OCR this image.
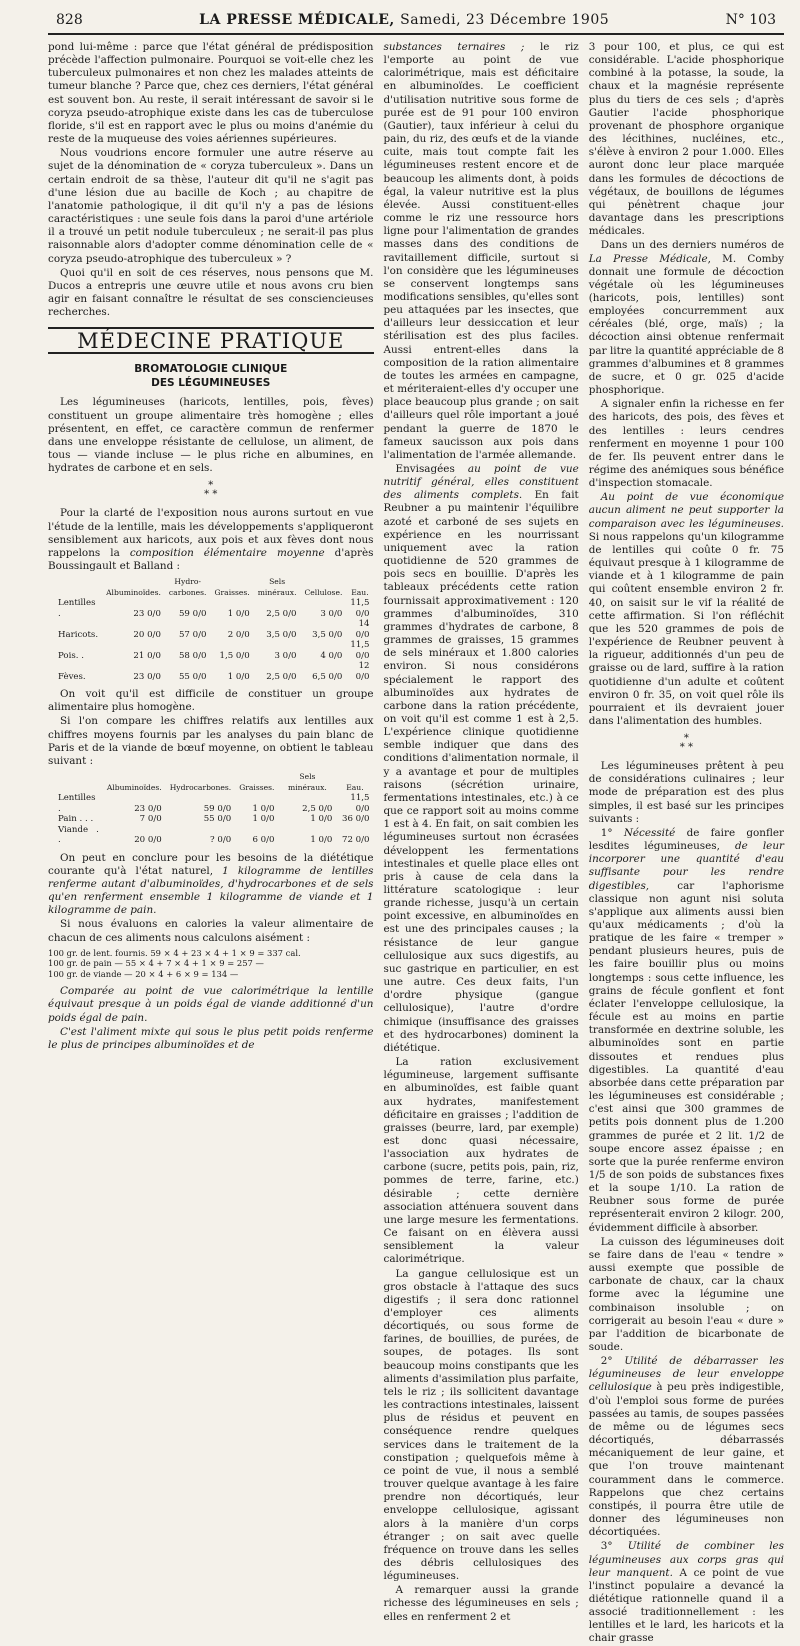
828	LA PRESSE MÉDICALE, Samedi, 23 Décembre 1905	N° 103

pond lui-même : parce que l'état général de prédisposition précède l'affection pulmonaire. Pourquoi se voit-elle chez les tuberculeux pulmonaires et non chez les malades atteints de tumeur blanche ? Parce que, chez ces derniers, l'état général est souvent bon. Au reste, il serait intéressant de savoir si le coryza pseudo-atrophique existe dans les cas de tuberculose floride, s'il est en rapport avec le plus ou moins d'anémie du reste de la muqueuse des voies aériennes supérieures.

Nous voudrions encore formuler une autre réserve au sujet de la dénomination de « coryza tuberculeux ». Dans un certain endroit de sa thèse, l'auteur dit qu'il ne s'agit pas d'une lésion due au bacille de Koch ; au chapitre de l'anatomie pathologique, il dit qu'il n'y a pas de lésions caractéristiques : une seule fois dans la paroi d'une artériole il a trouvé un petit nodule tuberculeux ; ne serait-il pas plus raisonnable alors d'adopter comme dénomination celle de « coryza pseudo-atrophique des tuberculeux » ?

Quoi qu'il en soit de ces réserves, nous pensons que M. Ducos a entrepris une œuvre utile et nous avons cru bien agir en faisant connaître le résultat de ses consciencieuses recherches.

MÉDECINE PRATIQUE
BROMATOLOGIE CLINIQUE
DES LÉGUMINEUSES

Les légumineuses (haricots, lentilles, pois, fèves) constituent un groupe alimentaire très homogène ; elles présentent, en effet, ce caractère commun de renfermer dans une enveloppe résistante de cellulose, un aliment, de tous — viande incluse — le plus riche en albumines, en hydrates de carbone et en sels.

*
* *

Pour la clarté de l'exposition nous aurons surtout en vue l'étude de la lentille, mais les développements s'appliqueront sensiblement aux haricots, aux pois et aux fèves dont nous rappelons la composition élémentaire moyenne d'après Boussingault et Balland :

	Albuminoïdes.	Hydro-carbones.	Graisses.	Sels minéraux.	Cellulose.	Eau.
Lentilles .	23 0/0	59 0/0	1 0/0	2,5 0/0	3 0/0	11,5 0/0
Haricots.	20 0/0	57 0/0	2 0/0	3,5 0/0	3,5 0/0	14 0/0
Pois. .	21 0/0	58 0/0	1,5 0/0	3 0/0	4 0/0	11,5 0/0
Fèves.	23 0/0	55 0/0	1 0/0	2,5 0/0	6,5 0/0	12 0/0

On voit qu'il est difficile de constituer un groupe alimentaire plus homogène.

Si l'on compare les chiffres relatifs aux lentilles aux chiffres moyens fournis par les analyses du pain blanc de Paris et de la viande de bœuf moyenne, on obtient le tableau suivant :

	Albuminoïdes.	Hydrocarbones.	Graisses.	Sels minéraux.	Eau.
Lentilles .	23 0/0	59 0/0	1 0/0	2,5 0/0	11,5 0/0
Pain . . .	7 0/0	55 0/0	1 0/0	1 0/0	36 0/0
Viande . .	20 0/0	? 0/0	6 0/0	1 0/0	72 0/0

On peut en conclure pour les besoins de la diététique courante qu'à l'état naturel, 1 kilogramme de lentilles renferme autant d'albuminoïdes, d'hydrocarbones et de sels qu'en renferment ensemble 1 kilogramme de viande et 1 kilogramme de pain.

Si nous évaluons en calories la valeur alimentaire de chacun de ces aliments nous calculons aisément :

100 gr. de lent. fournis. 59 × 4 + 23 × 4 + 1 × 9 = 337 cal.
100 gr. de pain — 55 × 4 + 7 × 4 + 1 × 9 = 257 —
100 gr. de viande — 20 × 4 + 6 × 9 = 134 —

Comparée au point de vue calorimétrique la lentille équivaut presque à un poids égal de viande additionné d'un poids égal de pain.

C'est l'aliment mixte qui sous le plus petit poids renferme le plus de principes albuminoïdes et de

substances ternaires ; le riz l'emporte au point de vue calorimétrique, mais est déficitaire en albuminoïdes. Le coefficient d'utilisation nutritive sous forme de purée est de 91 pour 100 environ (Gautier), taux inférieur à celui du pain, du riz, des œufs et de la viande cuite, mais tout compte fait les légumineuses restent encore et de beaucoup les aliments dont, à poids égal, la valeur nutritive est la plus élevée. Aussi constituent-elles comme le riz une ressource hors ligne pour l'alimentation de grandes masses dans des conditions de ravitaillement difficile, surtout si l'on considère que les légumineuses se conservent longtemps sans modifications sensibles, qu'elles sont peu attaquées par les insectes, que d'ailleurs leur dessiccation et leur stérilisation est des plus faciles. Aussi entrent-elles dans la composition de la ration alimentaire de toutes les armées en campagne, et mériteraient-elles d'y occuper une place beaucoup plus grande ; on sait d'ailleurs quel rôle important a joué pendant la guerre de 1870 le fameux saucisson aux pois dans l'alimentation de l'armée allemande.

Envisagées au point de vue nutritif général, elles constituent des aliments complets. En fait Reubner a pu maintenir l'équilibre azoté et carboné de ses sujets en expérience en les nourrissant uniquement avec la ration quotidienne de 520 grammes de pois secs en bouillie. D'après les tableaux précédents cette ration fournissait approximativement : 120 grammes d'albuminoïdes, 310 grammes d'hydrates de carbone, 8 grammes de graisses, 15 grammes de sels minéraux et 1.800 calories environ. Si nous considérons spécialement le rapport des albuminoïdes aux hydrates de carbone dans la ration précédente, on voit qu'il est comme 1 est à 2,5. L'expérience clinique quotidienne semble indiquer que dans des conditions d'alimentation normale, il y a avantage et pour de multiples raisons (sécrétion urinaire, fermentations intestinales, etc.) à ce que ce rapport soit au moins comme 1 est à 4. En fait, on sait combien les légumineuses surtout non écrasées développent les fermentations intestinales et quelle place elles ont pris à cause de cela dans la littérature scatologique : leur grande richesse, jusqu'à un certain point excessive, en albuminoïdes en est une des principales causes ; la résistance de leur gangue cellulosique aux sucs digestifs, au suc gastrique en particulier, en est une autre. Ces deux faits, l'un d'ordre physique (gangue cellulosique), l'autre d'ordre chimique (insuffisance des graisses et des hydrocarbones) dominent la diététique.

La ration exclusivement légumineuse, largement suffisante en albuminoïdes, est faible quant aux hydrates, manifestement déficitaire en graisses ; l'addition de graisses (beurre, lard, par exemple) est donc quasi nécessaire, l'association aux hydrates de carbone (sucre, petits pois, pain, riz, pommes de terre, farine, etc.) désirable ; cette dernière association atténuera souvent dans une large mesure les fermentations. Ce faisant on en élèvera aussi sensiblement la valeur calorimétrique.

La gangue cellulosique est un gros obstacle à l'attaque des sucs digestifs ; il sera donc rationnel d'employer ces aliments décortiqués, ou sous forme de farines, de bouillies, de purées, de soupes, de potages. Ils sont beaucoup moins constipants que les aliments d'assimilation plus parfaite, tels le riz ; ils sollicitent davantage les contractions intestinales, laissent plus de résidus et peuvent en conséquence rendre quelques services dans le traitement de la constipation ; quelquefois même à ce point de vue, il nous a semblé trouver quelque avantage à les faire prendre non décortiqués, leur enveloppe cellulosique, agissant alors à la manière d'un corps étranger ; on sait avec quelle fréquence on trouve dans les selles des débris cellulosiques des légumineuses.

A remarquer aussi la grande richesse des légumineuses en sels ; elles en renferment 2 et

3 pour 100, et plus, ce qui est considérable. L'acide phosphorique combiné à la potasse, la soude, la chaux et la magnésie représente plus du tiers de ces sels ; d'après Gautier l'acide phosphorique provenant de phosphore organique des lécithines, nucléines, etc., s'élève à environ 2 pour 1.000. Elles auront donc leur place marquée dans les formules de décoctions de végétaux, de bouillons de légumes qui pénètrent chaque jour davantage dans les prescriptions médicales.

Dans un des derniers numéros de La Presse Médicale, M. Comby donnait une formule de décoction végétale où les légumineuses (haricots, pois, lentilles) sont employées concurremment aux céréales (blé, orge, maïs) ; la décoction ainsi obtenue renfermait par litre la quantité appréciable de 8 grammes d'albumines et 8 grammes de sucre, et 0 gr. 025 d'acide phosphorique.

A signaler enfin la richesse en fer des haricots, des pois, des fèves et des lentilles : leurs cendres renferment en moyenne 1 pour 100 de fer. Ils peuvent entrer dans le régime des anémiques sous bénéfice d'inspection stomacale.

Au point de vue économique aucun aliment ne peut supporter la comparaison avec les légumineuses. Si nous rappelons qu'un kilogramme de lentilles qui coûte 0 fr. 75 équivaut presque à 1 kilogramme de viande et à 1 kilogramme de pain qui coûtent ensemble environ 2 fr. 40, on saisit sur le vif la réalité de cette affirmation. Si l'on réfléchit que les 520 grammes de pois de l'expérience de Reubner peuvent à la rigueur, additionnés d'un peu de graisse ou de lard, suffire à la ration quotidienne d'un adulte et coûtent environ 0 fr. 35, on voit quel rôle ils pourraient et ils devraient jouer dans l'alimentation des humbles.

*
* *

Les légumineuses prêtent à peu de considérations culinaires ; leur mode de préparation est des plus simples, il est basé sur les principes suivants :

1° Nécessité de faire gonfler lesdites légumineuses, de leur incorporer une quantité d'eau suffisante pour les rendre digestibles, car l'aphorisme classique non agunt nisi soluta s'applique aux aliments aussi bien qu'aux médicaments ; d'où la pratique de les faire « tremper » pendant plusieurs heures, puis de les faire bouillir plus ou moins longtemps : sous cette influence, les grains de fécule gonflent et font éclater l'enveloppe cellulosique, la fécule est au moins en partie transformée en dextrine soluble, les albuminoïdes sont en partie dissoutes et rendues plus digestibles. La quantité d'eau absorbée dans cette préparation par les légumineuses est considérable ; c'est ainsi que 300 grammes de petits pois donnent plus de 1.200 grammes de purée et 2 lit. 1/2 de soupe encore assez épaisse ; en sorte que la purée renferme environ 1/5 de son poids de substances fixes et la soupe 1/10. La ration de Reubner sous forme de purée représenterait environ 2 kilogr. 200, évidemment difficile à absorber.

La cuisson des légumineuses doit se faire dans de l'eau « tendre » aussi exempte que possible de carbonate de chaux, car la chaux forme avec la légumine une combinaison insoluble ; on corrigerait au besoin l'eau « dure » par l'addition de bicarbonate de soude.

2° Utilité de débarrasser les légumineuses de leur enveloppe cellulosique à peu près indigestible, d'où l'emploi sous forme de purées passées au tamis, de soupes passées de même ou de légumes secs décortiqués, débarrassés mécaniquement de leur gaine, et que l'on trouve maintenant couramment dans le commerce. Rappelons que chez certains constipés, il pourra être utile de donner des légumineuses non décortiquées.

3° Utilité de combiner les légumineuses aux corps gras qui leur manquent. A ce point de vue l'instinct populaire a devancé la diététique rationnelle quand il a associé traditionnellement : les lentilles et le lard, les haricots et la chair grasse
